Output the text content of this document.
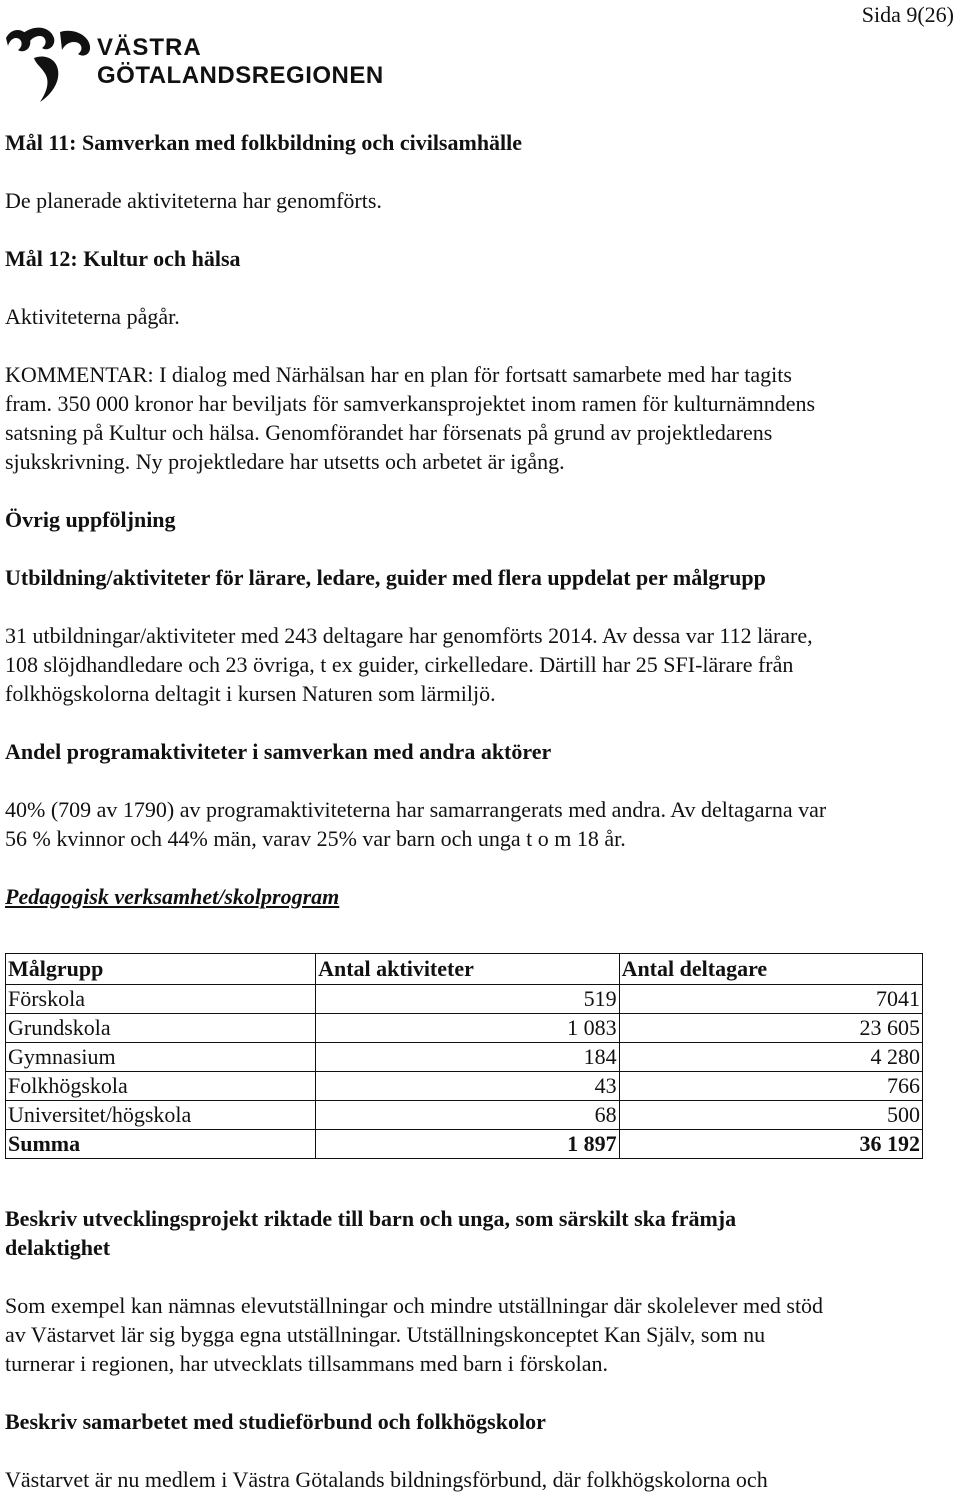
Sida 9(26)
VÄSTRA
GÖTALANDSREGIONEN

Mål 11: Samverkan med folkbildning och civilsamhälle

De planerade aktiviteterna har genomförts.

Mål 12: Kultur och hälsa

Aktiviteterna pågår.

KOMMENTAR: I dialog med Närhälsan har en plan för fortsatt samarbete med har tagits

fram. 350 000 kronor har beviljats för samverkansprojektet inom ramen för kulturnämndens

satsning på Kultur och hälsa. Genomförandet har försenats på grund av projektledarens

sjukskrivning. Ny projektledare har utsetts och arbetet är igång.

Övrig uppföljning

Utbildning/aktiviteter för lärare, ledare, guider med flera uppdelat per målgrupp

31 utbildningar/aktiviteter med 243 deltagare har genomförts 2014. Av dessa var 112 lärare,

108 slöjdhandledare och 23 övriga, t ex guider, cirkelledare. Därtill har 25 SFI-lärare från

folkhögskolorna deltagit i kursen Naturen som lärmiljö.

Andel programaktiviteter i samverkan med andra aktörer

40% (709 av 1790) av programaktiviteterna har samarrangerats med andra. Av deltagarna var

56 % kvinnor och 44% män, varav 25% var barn och unga t o m 18 år.

Pedagogisk verksamhet/skolprogram

Målgrupp	Antal aktiviteter	Antal deltagare
Förskola	519	7041
Grundskola	1 083	23 605
Gymnasium	184	4 280
Folkhögskola	43	766
Universitet/högskola	68	500
Summa	1 897	36 192

Beskriv utvecklingsprojekt riktade till barn och unga, som särskilt ska främja

delaktighet

Som exempel kan nämnas elevutställningar och mindre utställningar där skolelever med stöd

av Västarvet lär sig bygga egna utställningar. Utställningskonceptet Kan Själv, som nu

turnerar i regionen, har utvecklats tillsammans med barn i förskolan.

Beskriv samarbetet med studieförbund och folkhögskolor

Västarvet är nu medlem i Västra Götalands bildningsförbund, där folkhögskolorna och
